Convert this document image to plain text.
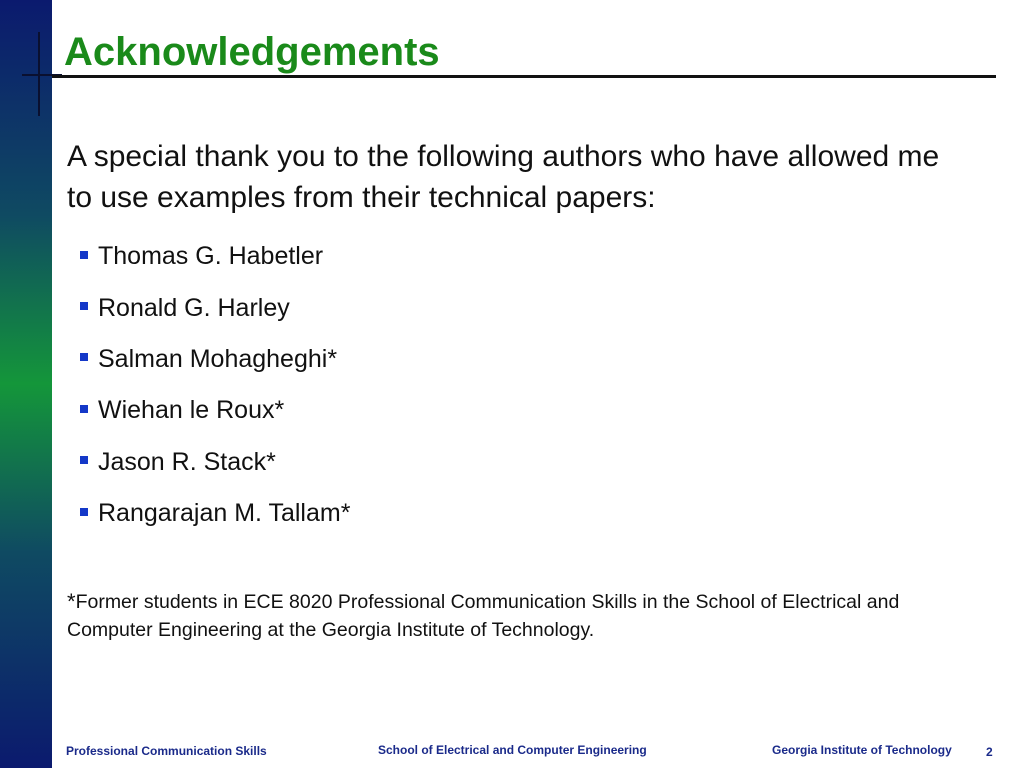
Acknowledgements
A special thank you to the following authors who have allowed me to use examples from their technical papers:
Thomas G. Habetler
Ronald G. Harley
Salman Mohagheghi*
Wiehan le Roux*
Jason R. Stack*
Rangarajan M. Tallam*
*Former students in ECE 8020 Professional Communication Skills in the School of Electrical and Computer Engineering at the Georgia Institute of Technology.
Professional Communication Skills	School of Electrical and Computer Engineering	Georgia Institute of Technology	2
